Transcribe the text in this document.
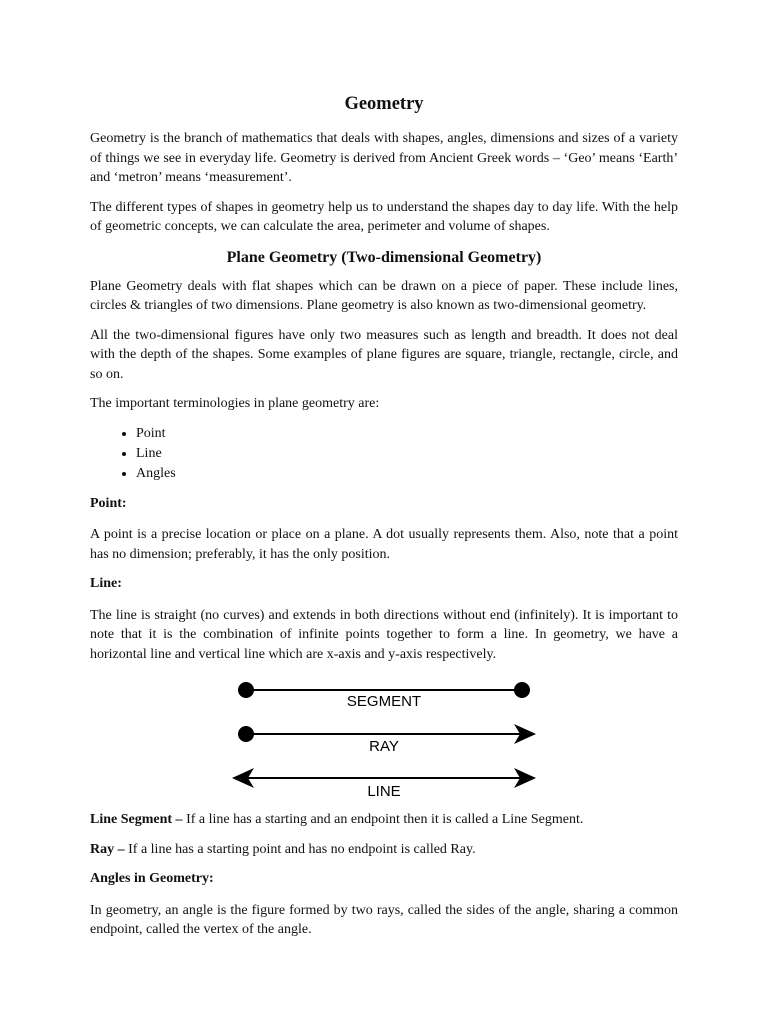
Geometry

Geometry is the branch of mathematics that deals with shapes, angles, dimensions and sizes of a variety of things we see in everyday life. Geometry is derived from Ancient Greek words – ‘Geo’ means ‘Earth’ and ‘metron’ means ‘measurement’.

The different types of shapes in geometry help us to understand the shapes day to day life. With the help of geometric concepts, we can calculate the area, perimeter and volume of shapes.

Plane Geometry (Two-dimensional Geometry)

Plane Geometry deals with flat shapes which can be drawn on a piece of paper. These include lines, circles & triangles of two dimensions. Plane geometry is also known as two-dimensional geometry.

All the two-dimensional figures have only two measures such as length and breadth. It does not deal with the depth of the shapes. Some examples of plane figures are square, triangle, rectangle, circle, and so on.

The important terminologies in plane geometry are:

• Point
• Line
• Angles

Point:

A point is a precise location or place on a plane. A dot usually represents them. Also, note that a point has no dimension; preferably, it has the only position.

Line:

The line is straight (no curves) and extends in both directions without end (infinitely). It is important to note that it is the combination of infinite points together to form a line. In geometry, we have a horizontal line and vertical line which are x-axis and y-axis respectively.

SEGMENT
RAY
LINE

Line Segment – If a line has a starting and an endpoint then it is called a Line Segment.

Ray – If a line has a starting point and has no endpoint is called Ray.

Angles in Geometry:

In geometry, an angle is the figure formed by two rays, called the sides of the angle, sharing a common endpoint, called the vertex of the angle.
